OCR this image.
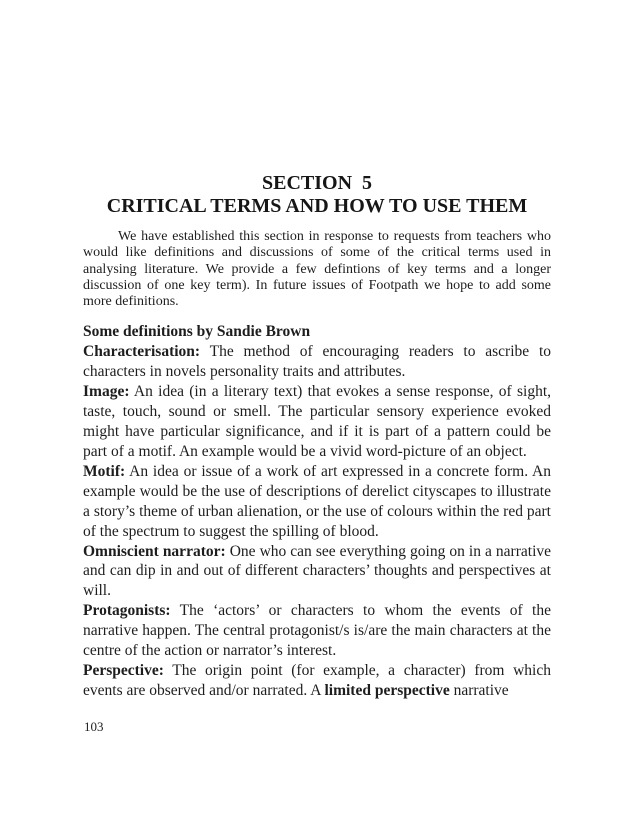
SECTION  5
CRITICAL TERMS AND HOW TO USE THEM

We have established this section in response to requests from teachers who would like definitions and discussions of some of the critical terms used in analysing literature. We provide a few defintions of key terms and a longer discussion of one key term). In future issues of Footpath we hope to add some more definitions.

Some definitions by Sandie Brown

Characterisation: The method of encouraging readers to ascribe to characters in novels personality traits and attributes.

Image: An idea (in a literary text) that evokes a sense response, of sight, taste, touch, sound or smell. The particular sensory experience evoked might have particular significance, and if it is part of a pattern could be part of a motif. An example would be a vivid word-picture of an object.

Motif: An idea or issue of a work of art expressed in a concrete form. An example would be the use of descriptions of derelict cityscapes to illustrate a story’s theme of urban alienation, or the use of colours within the red part of the spectrum to suggest the spilling of blood.

Omniscient narrator: One who can see everything going on in a narrative and can dip in and out of different characters’ thoughts and perspectives at will.

Protagonists: The ‘actors’ or characters to whom the events of the narrative happen. The central protagonist/s is/are the main characters at the centre of the action or narrator’s interest.

Perspective: The origin point (for example, a character) from which events are observed and/or narrated. A limited perspective narrative

103
